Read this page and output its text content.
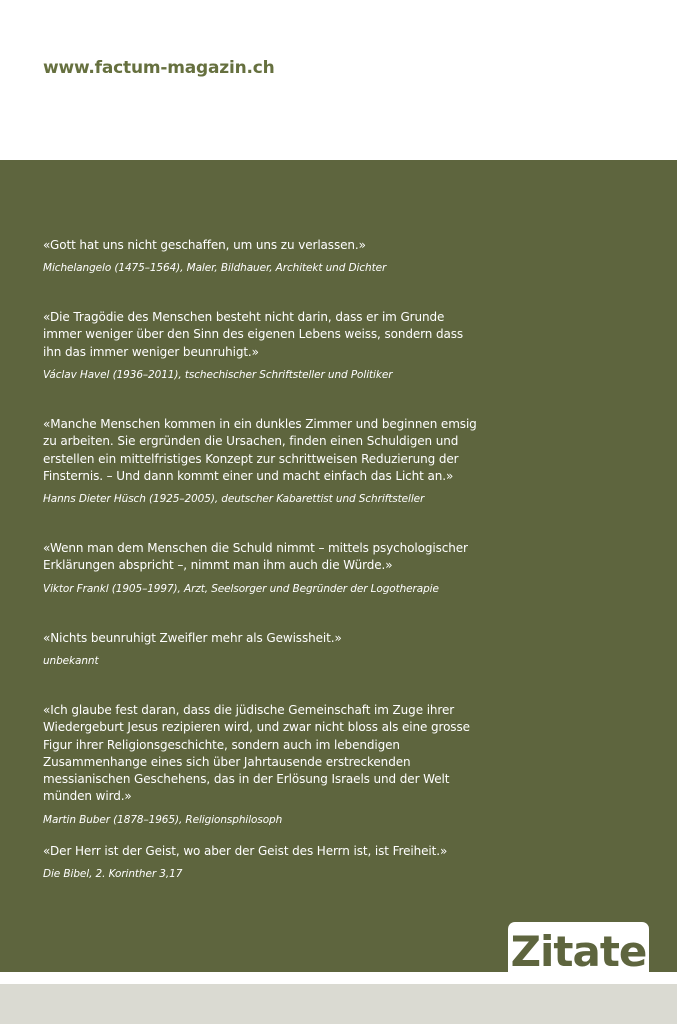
www.factum-magazin.ch

«Gott hat uns nicht geschaffen, um uns zu verlassen.»

Michelangelo (1475–1564), Maler, Bildhauer, Architekt und Dichter

«Die Tragödie des Menschen besteht nicht darin, dass er im Grunde immer weniger über den Sinn des eigenen Lebens weiss, sondern dass ihn das immer weniger beunruhigt.»

Václav Havel (1936–2011), tschechischer Schriftsteller und Politiker

«Manche Menschen kommen in ein dunkles Zimmer und beginnen emsig zu arbeiten. Sie ergründen die Ursachen, finden einen Schuldigen und erstellen ein mittelfristiges Konzept zur schrittweisen Reduzierung der Finsternis. – Und dann kommt einer und macht einfach das Licht an.»

Hanns Dieter Hüsch (1925–2005), deutscher Kabarettist und Schriftsteller

«Wenn man dem Menschen die Schuld nimmt – mittels psychologischer Erklärungen abspricht –, nimmt man ihm auch die Würde.»

Viktor Frankl (1905–1997), Arzt, Seelsorger und Begründer der Logotherapie

«Nichts beunruhigt Zweifler mehr als Gewissheit.»

unbekannt

«Ich glaube fest daran, dass die jüdische Gemeinschaft im Zuge ihrer Wiedergeburt Jesus rezipieren wird, und zwar nicht bloss als eine grosse Figur ihrer Religionsgeschichte, sondern auch im lebendigen Zusammenhange eines sich über Jahrtausende erstreckenden messianischen Geschehens, das in der Erlösung Israels und der Welt münden wird.»

Martin Buber (1878–1965), Religionsphilosoph

«Der Herr ist der Geist, wo aber der Geist des Herrn ist, ist Freiheit.»

Die Bibel, 2. Korinther 3,17

Zitate
